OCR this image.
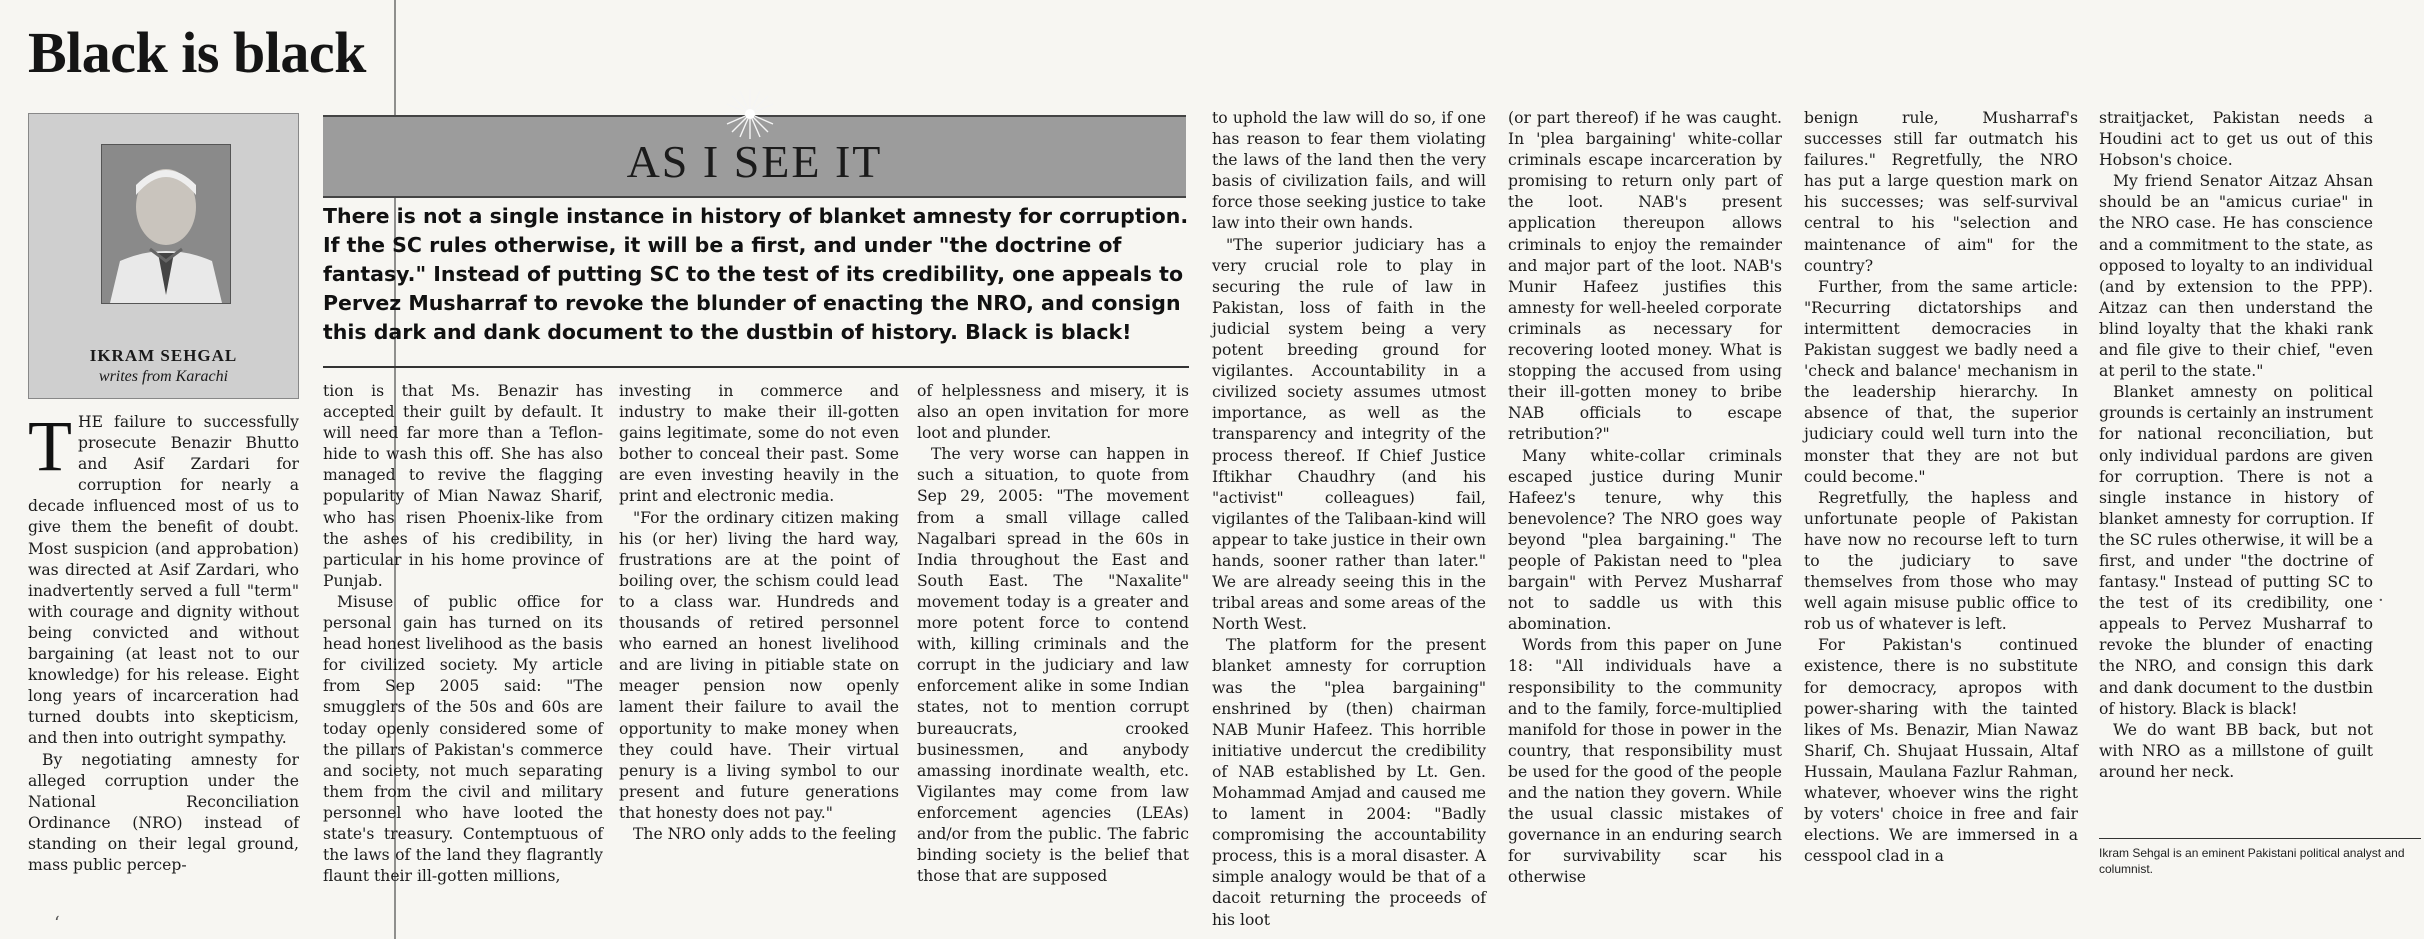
Black is black
IKRAM SEHGAL
writes from Karachi
AS I SEE IT

There is not a single instance in history of blanket amnesty for corruption. If the SC rules otherwise, it will be a first, and under "the doctrine of fantasy." Instead of putting SC to the test of its credibility, one appeals to Pervez Musharraf to revoke the blunder of enacting the NRO, and consign this dark and dank document to the dustbin of history. Black is black!

THE failure to successfully prosecute Benazir Bhutto and Asif Zardari for corruption for nearly a decade influenced most of us to give them the benefit of doubt. Most suspicion (and approbation) was directed at Asif Zardari, who inadvertently served a full "term" with courage and dignity without being convicted and without bargaining (at least not to our knowledge) for his release. Eight long years of incarceration had turned doubts into skepticism, and then into outright sympathy.

By negotiating amnesty for alleged corruption under the National Reconciliation Ordinance (NRO) instead of standing on their legal ground, mass public percep-

tion is that Ms. Benazir has accepted their guilt by default. It will need far more than a Teflon-hide to wash this off. She has also managed to revive the flagging popularity of Mian Nawaz Sharif, who has risen Phoenix-like from the ashes of his credibility, in particular in his home province of Punjab.

Misuse of public office for personal gain has turned on its head honest livelihood as the basis for civilized society. My article from Sep 2005 said: "The smugglers of the 50s and 60s are today openly considered some of the pillars of Pakistan's commerce and society, not much separating them from the civil and military personnel who have looted the state's treasury. Contemptuous of the laws of the land they flagrantly flaunt their ill-gotten millions,

investing in commerce and industry to make their ill-gotten gains legitimate, some do not even bother to conceal their past. Some are even investing heavily in the print and electronic media.

"For the ordinary citizen making his (or her) living the hard way, frustrations are at the point of boiling over, the schism could lead to a class war. Hundreds and thousands of retired personnel who earned an honest livelihood and are living in pitiable state on meager pension now openly lament their failure to avail the opportunity to make money when they could have. Their virtual penury is a living symbol to our present and future generations that honesty does not pay."

The NRO only adds to the feeling

of helplessness and misery, it is also an open invitation for more loot and plunder.

The very worse can happen in such a situation, to quote from Sep 29, 2005: "The movement from a small village called Nagalbari spread in the 60s in India throughout the East and South East. The "Naxalite" movement today is a greater and more potent force to contend with, killing criminals and the corrupt in the judiciary and law enforcement alike in some Indian states, not to mention corrupt bureaucrats, crooked businessmen, and anybody amassing inordinate wealth, etc. Vigilantes may come from law enforcement agencies (LEAs) and/or from the public. The fabric binding society is the belief that those that are supposed

to uphold the law will do so, if one has reason to fear them violating the laws of the land then the very basis of civilization fails, and will force those seeking justice to take law into their own hands.

"The superior judiciary has a very crucial role to play in securing the rule of law in Pakistan, loss of faith in the judicial system being a very potent breeding ground for vigilantes. Accountability in a civilized society assumes utmost importance, as well as the transparency and integrity of the process thereof. If Chief Justice Iftikhar Chaudhry (and his "activist" colleagues) fail, vigilantes of the Talibaan-kind will appear to take justice in their own hands, sooner rather than later." We are already seeing this in the tribal areas and some areas of the North West.

The platform for the present blanket amnesty for corruption was the "plea bargaining" enshrined by (then) chairman NAB Munir Hafeez. This horrible initiative undercut the credibility of NAB established by Lt. Gen. Mohammad Amjad and caused me to lament in 2004: "Badly compromising the accountability process, this is a moral disaster. A simple analogy would be that of a dacoit returning the proceeds of his loot

(or part thereof) if he was caught. In 'plea bargaining' white-collar criminals escape incarceration by promising to return only part of the loot. NAB's present application thereupon allows criminals to enjoy the remainder and major part of the loot. NAB's Munir Hafeez justifies this amnesty for well-heeled corporate criminals as necessary for recovering looted money. What is stopping the accused from using their ill-gotten money to bribe NAB officials to escape retribution?"

Many white-collar criminals escaped justice during Munir Hafeez's tenure, why this benevolence? The NRO goes way beyond "plea bargaining." The people of Pakistan need to "plea bargain" with Pervez Musharraf not to saddle us with this abomination.

Words from this paper on June 18: "All individuals have a responsibility to the community and to the family, force-multiplied manifold for those in power in the country, that responsibility must be used for the good of the people and the nation they govern. While the usual classic mistakes of governance in an enduring search for survivability scar his otherwise

benign rule, Musharraf's successes still far outmatch his failures." Regretfully, the NRO has put a large question mark on his successes; was self-survival central to his "selection and maintenance of aim" for the country?

Further, from the same article: "Recurring dictatorships and intermittent democracies in Pakistan suggest we badly need a 'check and balance' mechanism in the leadership hierarchy. In absence of that, the superior judiciary could well turn into the monster that they are not but could become."

Regretfully, the hapless and unfortunate people of Pakistan have now no recourse left to turn to the judiciary to save themselves from those who may well again misuse public office to rob us of whatever is left.

For Pakistan's continued existence, there is no substitute for democracy, apropos with power-sharing with the tainted likes of Ms. Benazir, Mian Nawaz Sharif, Ch. Shujaat Hussain, Altaf Hussain, Maulana Fazlur Rahman, whatever, whoever wins the right by voters' choice in free and fair elections. We are immersed in a cesspool clad in a

straitjacket, Pakistan needs a Houdini act to get us out of this Hobson's choice.

My friend Senator Aitzaz Ahsan should be an "amicus curiae" in the NRO case. He has conscience and a commitment to the state, as opposed to loyalty to an individual (and by extension to the PPP). Aitzaz can then understand the blind loyalty that the khaki rank and file give to their chief, "even at peril to the state."

Blanket amnesty on political grounds is certainly an instrument for national reconciliation, but only individual pardons are given for corruption. There is not a single instance in history of blanket amnesty for corruption. If the SC rules otherwise, it will be a first, and under "the doctrine of fantasy." Instead of putting SC to the test of its credibility, one appeals to Pervez Musharraf to revoke the blunder of enacting the NRO, and consign this dark and dank document to the dustbin of history. Black is black!

We do want BB back, but not with NRO as a millstone of guilt around her neck.

Ikram Sehgal is an eminent Pakistani political analyst and columnist.
ʻ
·
